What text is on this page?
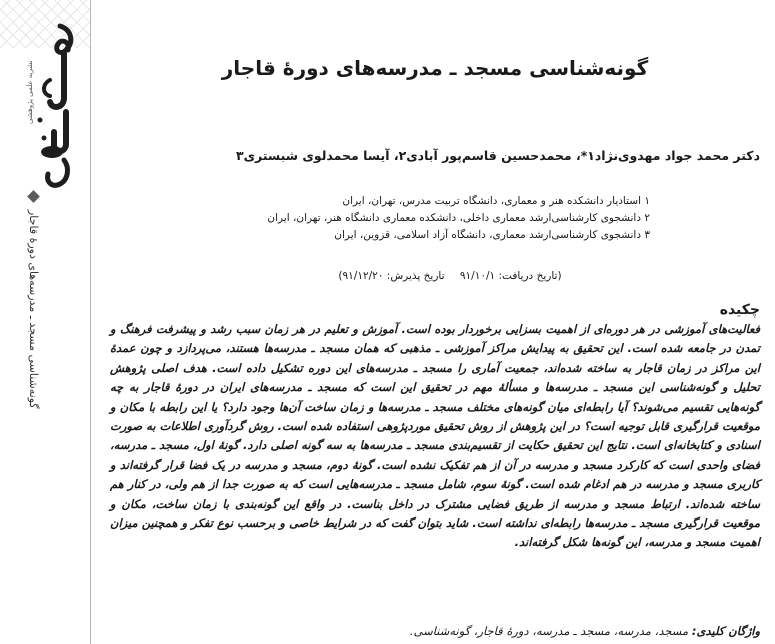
نشریه علمی پژوهشی
گونه‌شناسی مسجد ـ مدرسه‌های دورۀ قاجار
گونه‌شناسی مسجد ـ مدرسه‌های دورۀ قاجار
دکتر محمد جواد مهدوی‌نژاد۱*، محمدحسین قاسم‌پور آبادی۲، آیسا محمدلوی شبستری۳
۱ استادیار دانشکده هنر و معماری، دانشگاه تربیت مدرس، تهران، ایران
۲ دانشجوی کارشناسی‌ارشد معماری داخلی، دانشکده معماری دانشگاه هنر، تهران، ایران
۳ دانشجوی کارشناسی‌ارشد معماری، دانشگاه آزاد اسلامی، قزوین، ایران
(تاریخ دریافت: ۹۱/۱۰/۱ تاریخ پذیرش: ۹۱/۱۲/۲۰)
چکیده

فعالیت‌های آموزشی در هر دوره‌ای از اهمیت بسزایی برخوردار بوده است. آموزش و تعلیم در هر زمان سبب رشد و پیشرفت فرهنگ و تمدن در جامعه شده است. این تحقیق به پیدایش مراکز آموزشی ـ مذهبی که همان مسجد ـ مدرسه‌ها هستند، می‌پردازد و چون عمدۀ این مراکز در زمان قاجار به ساخته شده‌اند، جمعیت آماری را مسجد ـ مدرسه‌های این دوره تشکیل داده است. هدف اصلی پژوهش تحلیل و گونه‌شناسی این مسجد ـ مدرسه‌ها و مسألۀ مهم در تحقیق این است که مسجد ـ مدرسه‌های ایران در دورۀ قاجار به چه گونه‌هایی تقسیم می‌شوند؟ آیا رابطه‌ای میان گونه‌های مختلف مسجد ـ مدرسه‌ها و زمان ساخت آن‌ها وجود دارد؟ یا این رابطه با مکان و موقعیت قرارگیری قابل توجیه است؟ در این پژوهش از روش تحقیق موردپژوهی استفاده شده است. روش گردآوری اطلاعات به صورت اسنادی و کتابخانه‌ای است. نتایج این تحقیق حکایت از تقسیم‌بندی مسجد ـ مدرسه‌ها به سه گونه اصلی دارد. گونۀ اول، مسجد ـ مدرسه، فضای واحدی است که کارکرد مسجد و مدرسه در آن از هم تفکیک نشده است. گونۀ دوم، مسجد و مدرسه در یک فضا قرار گرفته‌اند و کاربری مسجد و مدرسه در هم ادغام شده است. گونۀ سوم، شامل مسجد ـ مدرسه‌هایی است که به صورت جدا از هم ولی، در کنار هم ساخته شده‌اند. ارتباط مسجد و مدرسه از طریق فضایی مشترک در داخل بناست. در واقع این گونه‌بندی با زمان ساخت، مکان و موقعیت قرارگیری مسجد ـ مدرسه‌ها رابطه‌ای نداشته است. شاید بتوان گفت که در شرایط خاصی و برحسب نوع تفکر و همچنین میزان اهمیت مسجد و مدرسه، این گونه‌ها شکل گرفته‌اند.

واژگان کلیدی: مسجد، مدرسه، مسجد ـ مدرسه، دورۀ قاجار، گونه‌شناسی.
